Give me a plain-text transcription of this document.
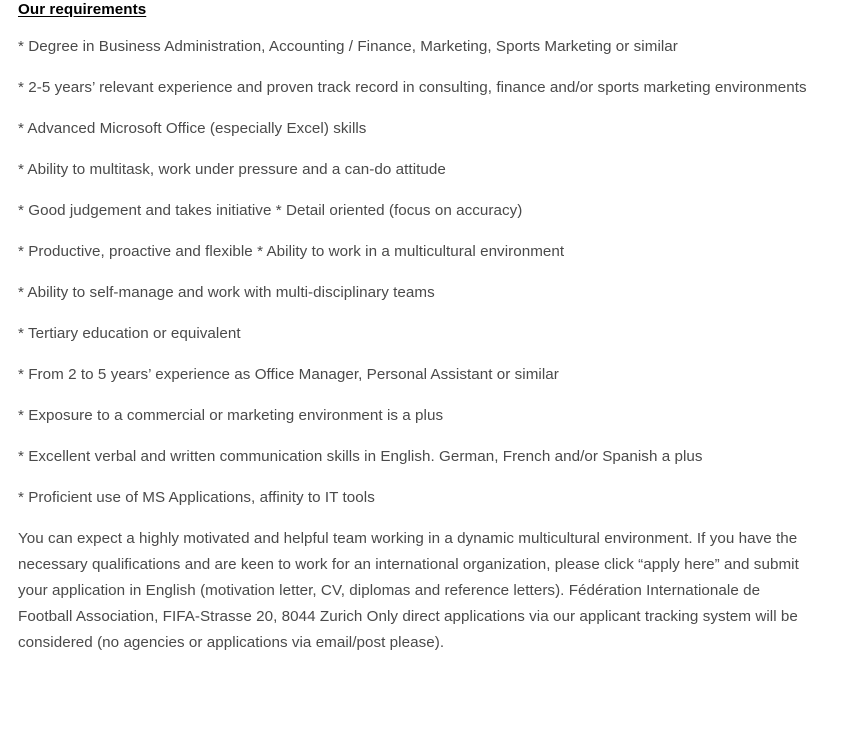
Our requirements
* Degree in Business Administration, Accounting / Finance, Marketing, Sports Marketing or similar
* 2-5 years’ relevant experience and proven track record in consulting, finance and/or sports marketing environments
* Advanced Microsoft Office (especially Excel) skills
* Ability to multitask, work under pressure and a can-do attitude
* Good judgement and takes initiative * Detail oriented (focus on accuracy)
* Productive, proactive and flexible * Ability to work in a multicultural environment
* Ability to self-manage and work with multi-disciplinary teams
* Tertiary education or equivalent
* From 2 to 5 years’ experience as Office Manager, Personal Assistant or similar
* Exposure to a commercial or marketing environment is a plus
* Excellent verbal and written communication skills in English. German, French and/or Spanish a plus
* Proficient use of MS Applications, affinity to IT tools

You can expect a highly motivated and helpful team working in a dynamic multicultural environment. If you have the necessary qualifications and are keen to work for an international organization, please click “apply here” and submit your application in English (motivation letter, CV, diplomas and reference letters). Fédération Internationale de Football Association, FIFA-Strasse 20, 8044 Zurich Only direct applications via our applicant tracking system will be considered (no agencies or applications via email/post please).
